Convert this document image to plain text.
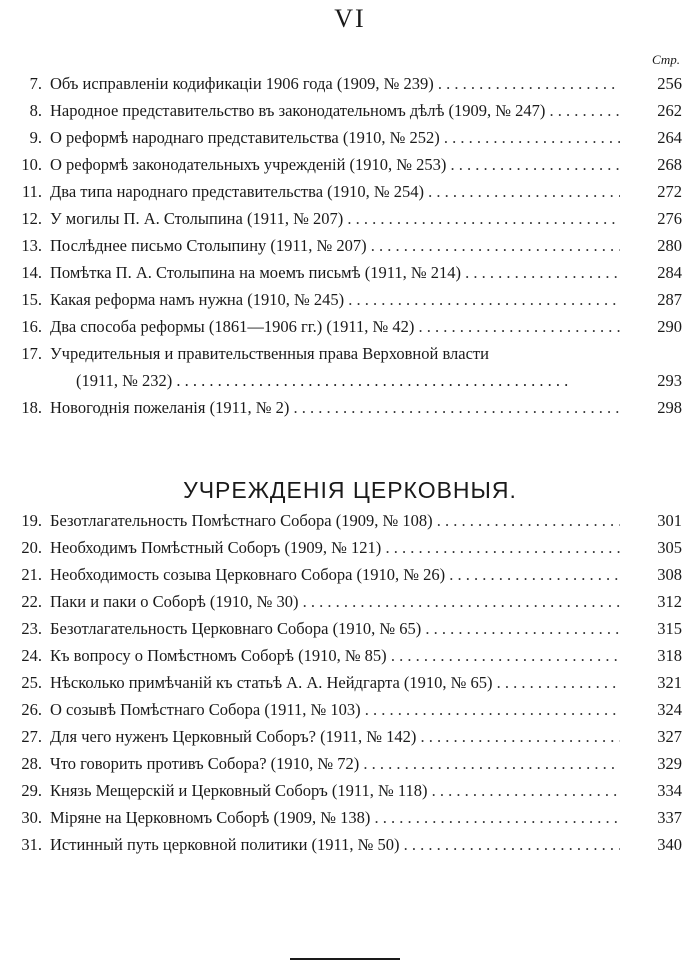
VI
Стр.
7. Объ исправленіи кодификаціи 1906 года (1909, № 239) . . .	256
8. Народное представительство въ законодательномъ дѣлѣ (1909, № 247) . . .	262
9. О реформѣ народнаго представительства (1910, № 252) . . .	264
10. О реформѣ законодательныхъ учрежденій (1910, № 253) . . .	268
11. Два типа народнаго представительства (1910, № 254) . . .	272
12. У могилы П. А. Столыпина (1911, № 207) . . .	276
13. Послѣднее письмо Столыпину (1911, № 207) . . .	280
14. Помѣтка П. А. Столыпина на моемъ письмѣ (1911, № 214) . . .	284
15. Какая реформа намъ нужна (1910, № 245) . . .	287
16. Два способа реформы (1861—1906 гг.) (1911, № 42) . . .	290
17. Учредительныя и правительственныя права Верховной власти
(1911, № 232) . . .	293
18. Новогоднія пожеланія (1911, № 2) . . .	298
УЧРЕЖДЕНІЯ ЦЕРКОВНЫЯ.
19. Безотлагательность Помѣстнаго Собора (1909, № 108) . . .	301
20. Необходимъ Помѣстный Соборъ (1909, № 121) . . .	305
21. Необходимость созыва Церковнаго Собора (1910, № 26) . . .	308
22. Паки и паки о Соборѣ (1910, № 30) . . .	312
23. Безотлагательность Церковнаго Собора (1910, № 65) . . .	315
24. Къ вопросу о Помѣстномъ Соборѣ (1910, № 85) . . .	318
25. Нѣсколько примѣчаній къ статьѣ А. А. Нейдгарта (1910, № 65) . . .	321
26. О созывѣ Помѣстнаго Собора (1911, № 103) . . .	324
27. Для чего нуженъ Церковный Соборъ? (1911, № 142) . . .	327
28. Что говорить противъ Собора? (1910, № 72) . . .	329
29. Князь Мещерскій и Церковный Соборъ (1911, № 118) . . .	334
30. Міряне на Церковномъ Соборѣ (1909, № 138) . . .	337
31. Истинный путь церковной политики (1911, № 50) . . .	340
